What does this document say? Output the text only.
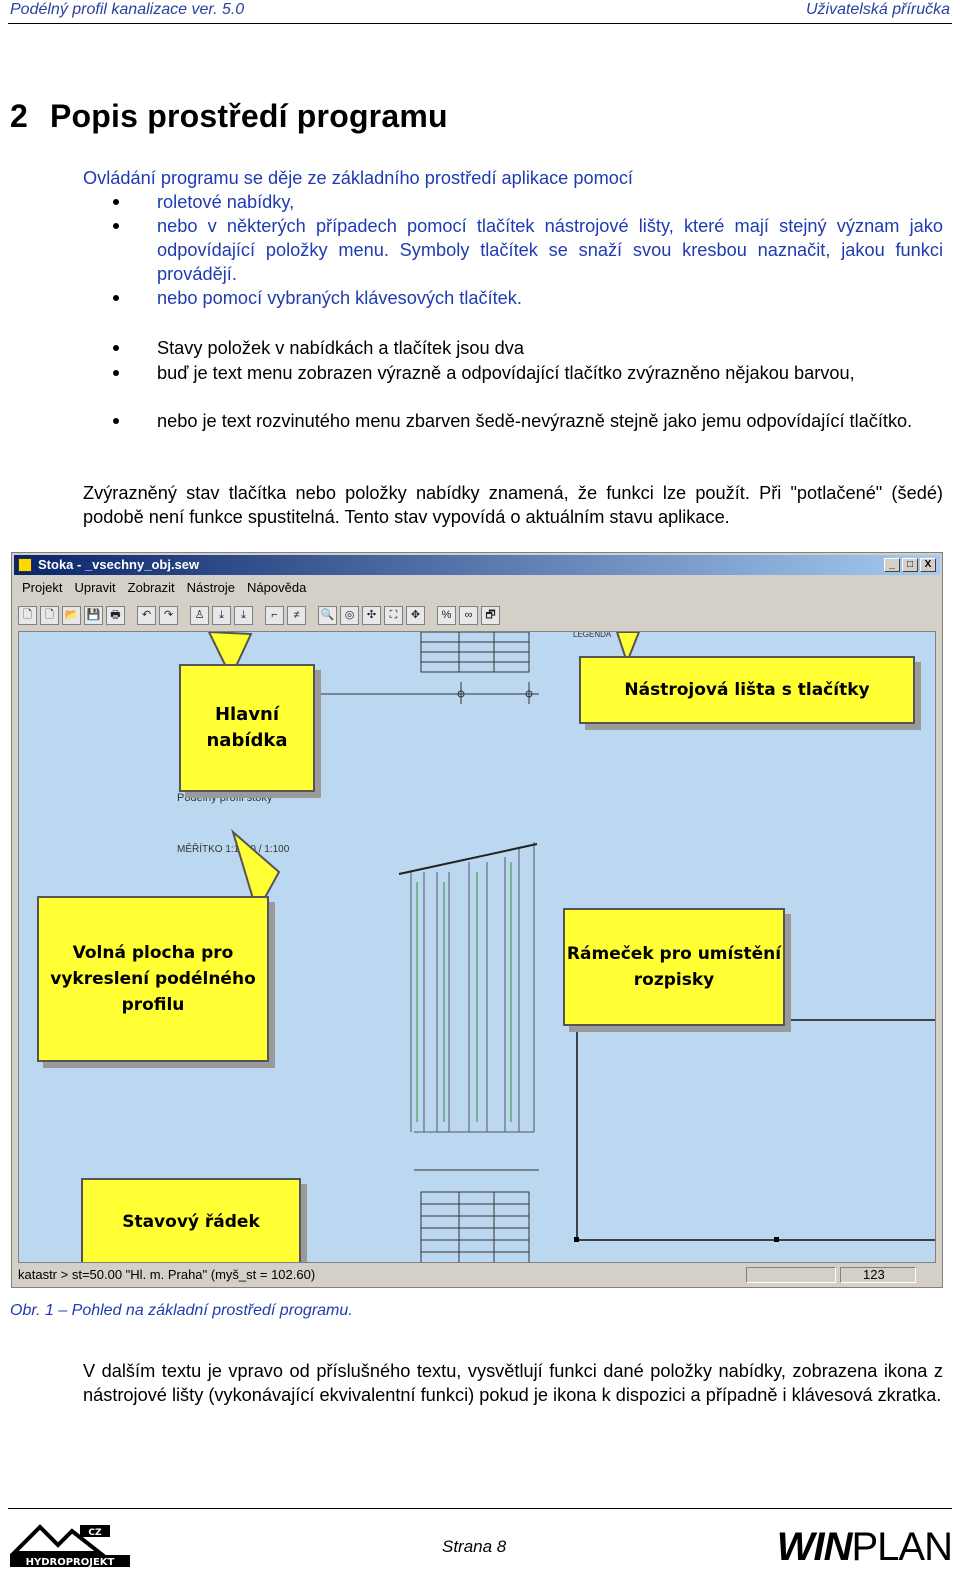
Podélný profil kanalizace ver. 5.0	Uživatelská příručka
2 Popis prostředí programu
Ovládání programu se děje ze základního prostředí aplikace pomocí
roletové nabídky,
nebo v některých případech pomocí tlačítek nástrojové lišty, které mají stejný význam jako odpovídající položky menu. Symboly tlačítek se snaží svou kresbou naznačit, jakou funkci provádějí.
nebo pomocí vybraných klávesových tlačítek.
Stavy položek v nabídkách a tlačítek jsou dva
buď je text menu zobrazen výrazně a odpovídající tlačítko zvýrazněno nějakou barvou,
nebo je text rozvinutého menu zbarven šedě-nevýrazně stejně jako jemu odpovídající tlačítko.
Zvýrazněný stav tlačítka nebo položky nabídky znamená, že funkci lze použít. Při "potlačené" (šedé) podobě není funkce spustitelná. Tento stav vypovídá o aktuálním stavu aplikace.
Stoka - _vsechny_obj.sew	_	□	X
Projekt Upravit Zobrazit Nástroje Nápověda
🗋	🗋 📂 💾 🖶	↶	↷	♙	⤓	⤓	⌐	≠	🔍 ◎	✣	⛶	✥	%	∞	🗗
Podélný profil stoky
MĚŘÍTKO 1:1000 / 1:100
LEGENDA
Hlavní nabídka
Nástrojová lišta s tlačítky
Volná plocha pro vykreslení podélného profilu
Rámeček pro umístění rozpisky
Stavový řádek
katastr > st=50.00 "Hl. m. Praha" (myš_st = 102.60)	123
Obr. 1 – Pohled na základní prostředí programu.
V dalším textu je vpravo od příslušného textu, vysvětlují funkci dané položky nabídky, zobrazena ikona z nástrojové lišty (vykonávající ekvivalentní funkci) pokud je ikona k dispozici a případně i klávesová zkratka.
CZ
HYDROPROJEKT
Strana 8	WINPLAN
